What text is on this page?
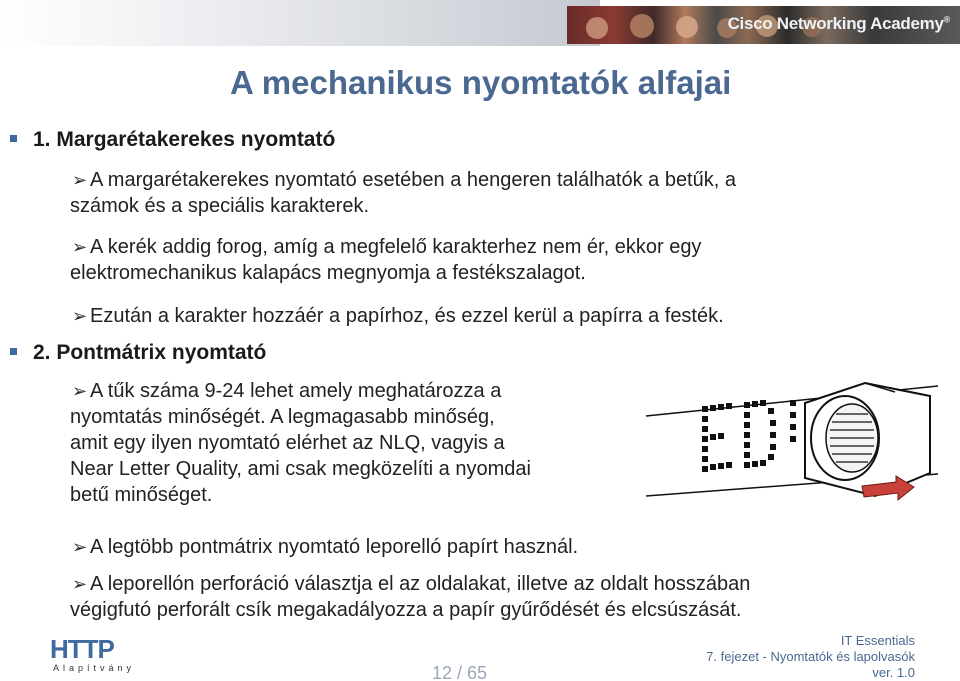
Cisco Networking Academy®
A mechanikus nyomtatók alfajai
1. Margarétakerekes nyomtató
➢ A margarétakerekes nyomtató esetében a hengeren találhatók a betűk, a
számok és a speciális karakterek.
➢ A kerék addig forog, amíg a megfelelő karakterhez nem ér, ekkor egy
elektromechanikus kalapács megnyomja a festékszalagot.
➢ Ezután a karakter hozzáér a papírhoz, és ezzel kerül a papírra a festék.
2. Pontmátrix nyomtató
➢ A tűk száma 9-24 lehet amely meghatározza a
nyomtatás minőségét. A legmagasabb minőség,
amit egy ilyen nyomtató elérhet az NLQ, vagyis a
Near Letter Quality, ami csak megközelíti a nyomdai
betű minőséget.
➢ A legtöbb pontmátrix nyomtató leporelló papírt használ.
➢ A leporellón perforáció választja el az oldalakat, illetve az oldalt hosszában
végigfutó perforált csík megakadályozza a papír gyűrődését és elcsúszását.
HTTP
Alapítvány	12 / 65
IT Essentials
7. fejezet - Nyomtatók és lapolvasók
ver. 1.0
